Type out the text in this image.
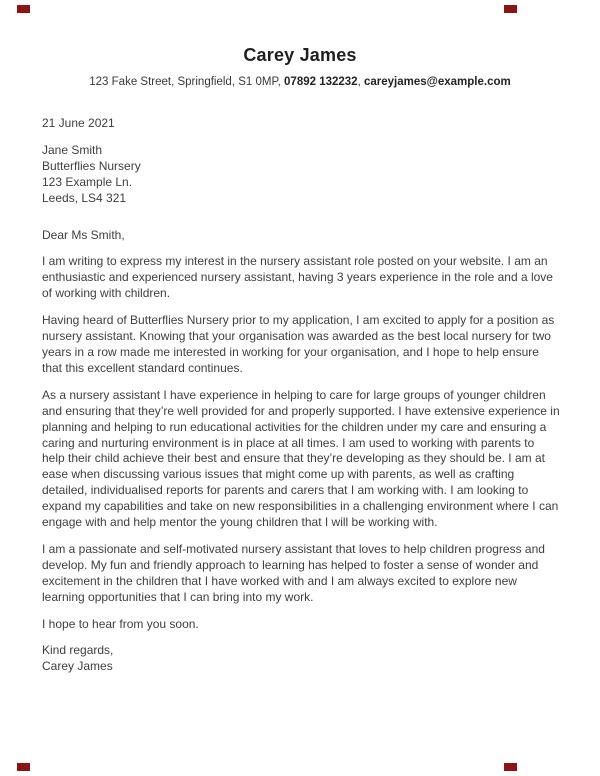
Carey James

123 Fake Street, Springfield, S1 0MP, 07892 132232, careyjames@example.com

21 June 2021

Jane Smith
Butterflies Nursery
123 Example Ln.
Leeds, LS4 321

Dear Ms Smith,

I am writing to express my interest in the nursery assistant role posted on your website. I am an enthusiastic and experienced nursery assistant, having 3 years experience in the role and a love of working with children.

Having heard of Butterflies Nursery prior to my application, I am excited to apply for a position as nursery assistant. Knowing that your organisation was awarded as the best local nursery for two years in a row made me interested in working for your organisation, and I hope to help ensure that this excellent standard continues.

As a nursery assistant I have experience in helping to care for large groups of younger children and ensuring that they’re well provided for and properly supported. I have extensive experience in planning and helping to run educational activities for the children under my care and ensuring a caring and nurturing environment is in place at all times. I am used to working with parents to help their child achieve their best and ensure that they’re developing as they should be. I am at ease when discussing various issues that might come up with parents, as well as crafting detailed, individualised reports for parents and carers that I am working with. I am looking to expand my capabilities and take on new responsibilities in a challenging environment where I can engage with and help mentor the young children that I will be working with.

I am a passionate and self-motivated nursery assistant that loves to help children progress and develop. My fun and friendly approach to learning has helped to foster a sense of wonder and excitement in the children that I have worked with and I am always excited to explore new learning opportunities that I can bring into my work.

I hope to hear from you soon.

Kind regards,
Carey James
